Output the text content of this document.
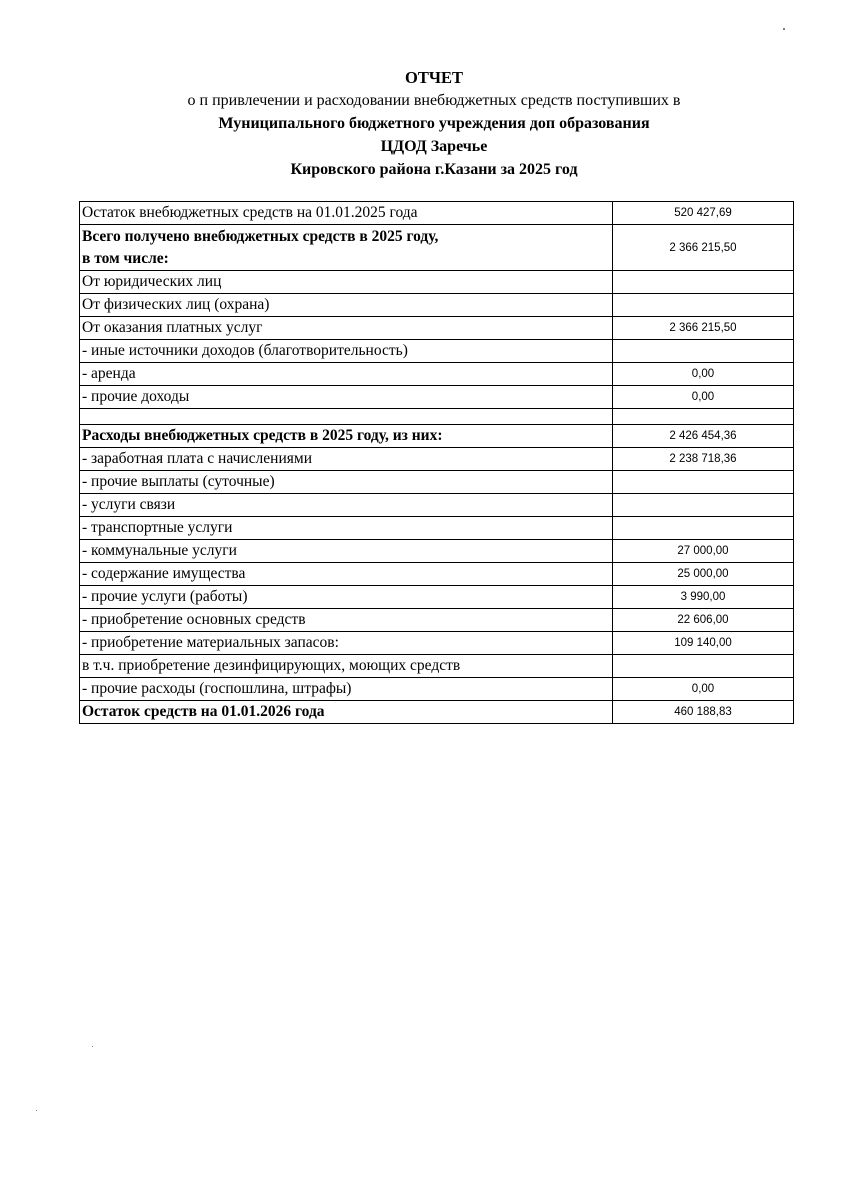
ОТЧЕТ
о п привлечении и расходовании внебюджетных средств поступивших в
Муниципального бюджетного учреждения доп образования
ЦДОД Заречье
Кировского района г.Казани за 2025 год
Остаток внебюджетных средств на 01.01.2025 года	520 427,69

Всего получено внебюджетных средств в 2025 году,
в том числе:	2 366 215,50
От юридических лиц	
От физических лиц (охрана)	
От оказания платных услуг	2 366 215,50
- иные источники доходов (благотворительность)	
- аренда	0,00
- прочие доходы	0,00

Расходы внебюджетных средств в 2025 году, из них:	2 426 454,36
- заработная плата с начислениями	2 238 718,36
- прочие выплаты (суточные)	
- услуги связи	
- транспортные услуги	
- коммунальные услуги	27 000,00
- содержание имущества	25 000,00
- прочие услуги (работы)	3 990,00
- приобретение основных средств	22 606,00
- приобретение материальных запасов:	109 140,00
в т.ч. приобретение дезинфицирующих, моющих средств	
- прочие расходы (госпошлина, штрафы)	0,00
Остаток средств на 01.01.2026 года	460 188,83
